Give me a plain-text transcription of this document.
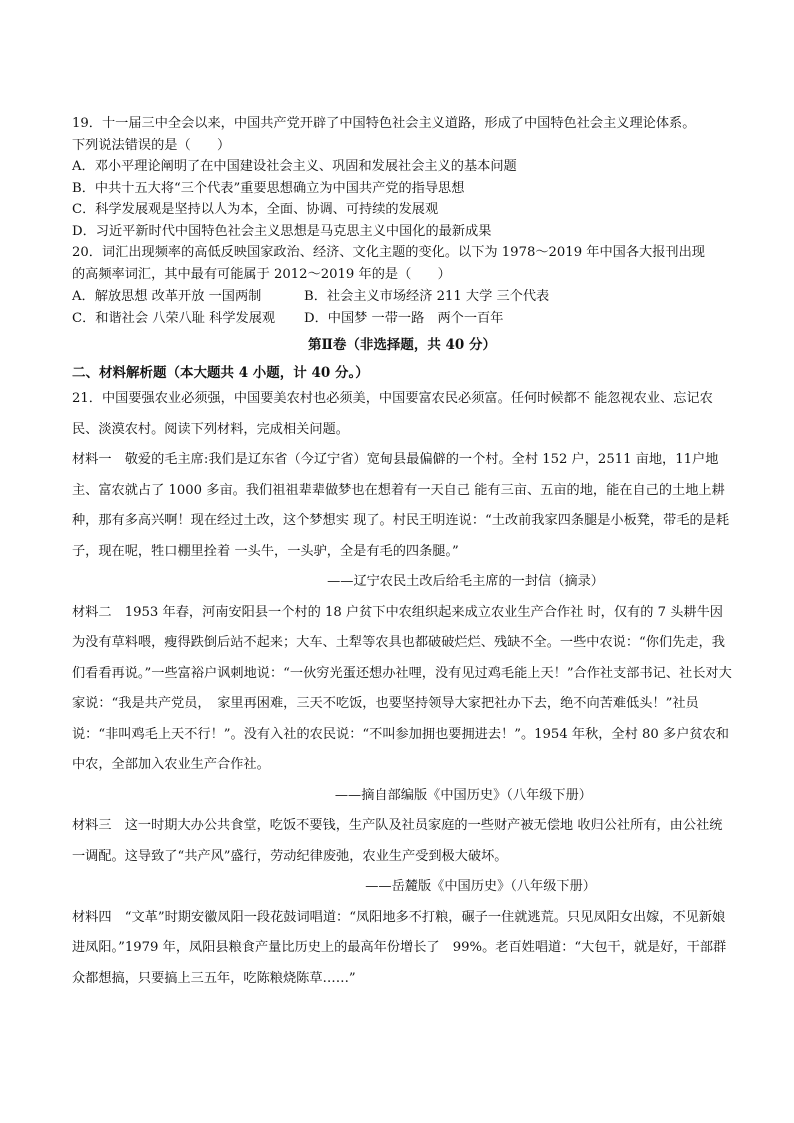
19．十一届三中全会以来，中国共产党开辟了中国特色社会主义道路，形成了中国特色社会主义理论体系。
下列说法错误的是（　　）
A．邓小平理论阐明了在中国建设社会主义、巩固和发展社会主义的基本问题
B．中共十五大将“三个代表”重要思想确立为中国共产党的指导思想
C．科学发展观是坚持以人为本，全面、协调、可持续的发展观
D．习近平新时代中国特色社会主义思想是马克思主义中国化的最新成果
20．词汇出现频率的高低反映国家政治、经济、文化主题的变化。以下为 1978～2019 年中国各大报刊出现
的高频率词汇，其中最有可能属于 2012～2019 年的是（　　）
A．解放思想 改革开放 一国两制	B．社会主义市场经济 211 大学 三个代表
C．和谐社会 八荣八耻 科学发展观 D．中国梦 一带一路　两个一百年
第Ⅱ卷（非选择题，共 40 分）
二、材料解析题（本大题共 4 小题，计 40 分。）
21．中国要强农业必须强，中国要美农村也必须美，中国要富农民必须富。任何时候都不 能忽视农业、忘记农民、淡漠农村。阅读下列材料，完成相关问题。
材料一　敬爱的毛主席:我们是辽东省（今辽宁省）宽甸县最偏僻的一个村。全村 152 户，2511 亩地，11户地主、富农就占了 1000 多亩。我们祖祖辈辈做梦也在想着有一天自己 能有三亩、五亩的地，能在自己的土地上耕种，那有多高兴啊！现在经过土改，这个梦想实 现了。村民王明连说：“土改前我家四条腿是小板凳，带毛的是耗子，现在呢，牲口棚里拴着 一头牛，一头驴，全是有毛的四条腿。”
——辽宁农民土改后给毛主席的一封信（摘录）
材料二　1953 年春，河南安阳县一个村的 18 户贫下中农组织起来成立农业生产合作社 时，仅有的 7 头耕牛因为没有草料喂，瘦得跌倒后站不起来；大车、土犁等农具也都破破烂烂、残缺不全。一些中农说：“你们先走，我们看看再说。”一些富裕户讽刺地说：“一伙穷光蛋还想办社哩，没有见过鸡毛能上天！”合作社支部书记、社长对大家说：“我是共产党员，　家里再困难，三天不吃饭，也要坚持领导大家把社办下去，绝不向苦难低头！”社员说：“非叫鸡毛上天不行！”。没有入社的农民说：“不叫参加拥也要拥进去！”。1954 年秋，全村 80 多户贫农和中农，全部加入农业生产合作社。
——摘自部编版《中国历史》（八年级下册）
材料三　这一时期大办公共食堂，吃饭不要钱，生产队及社员家庭的一些财产被无偿地 收归公社所有，由公社统一调配。这导致了“共产风”盛行，劳动纪律废弛，农业生产受到极大破坏。
——岳麓版《中国历史》（八年级下册）
材料四　“文革”时期安徽凤阳一段花鼓词唱道：“凤阳地多不打粮，碾子一住就逃荒。只见凤阳女出嫁，不见新娘进凤阳。”1979 年，凤阳县粮食产量比历史上的最高年份增长了　99%。老百姓唱道：“大包干，就是好，干部群众都想搞，只要搞上三五年，吃陈粮烧陈草……”
